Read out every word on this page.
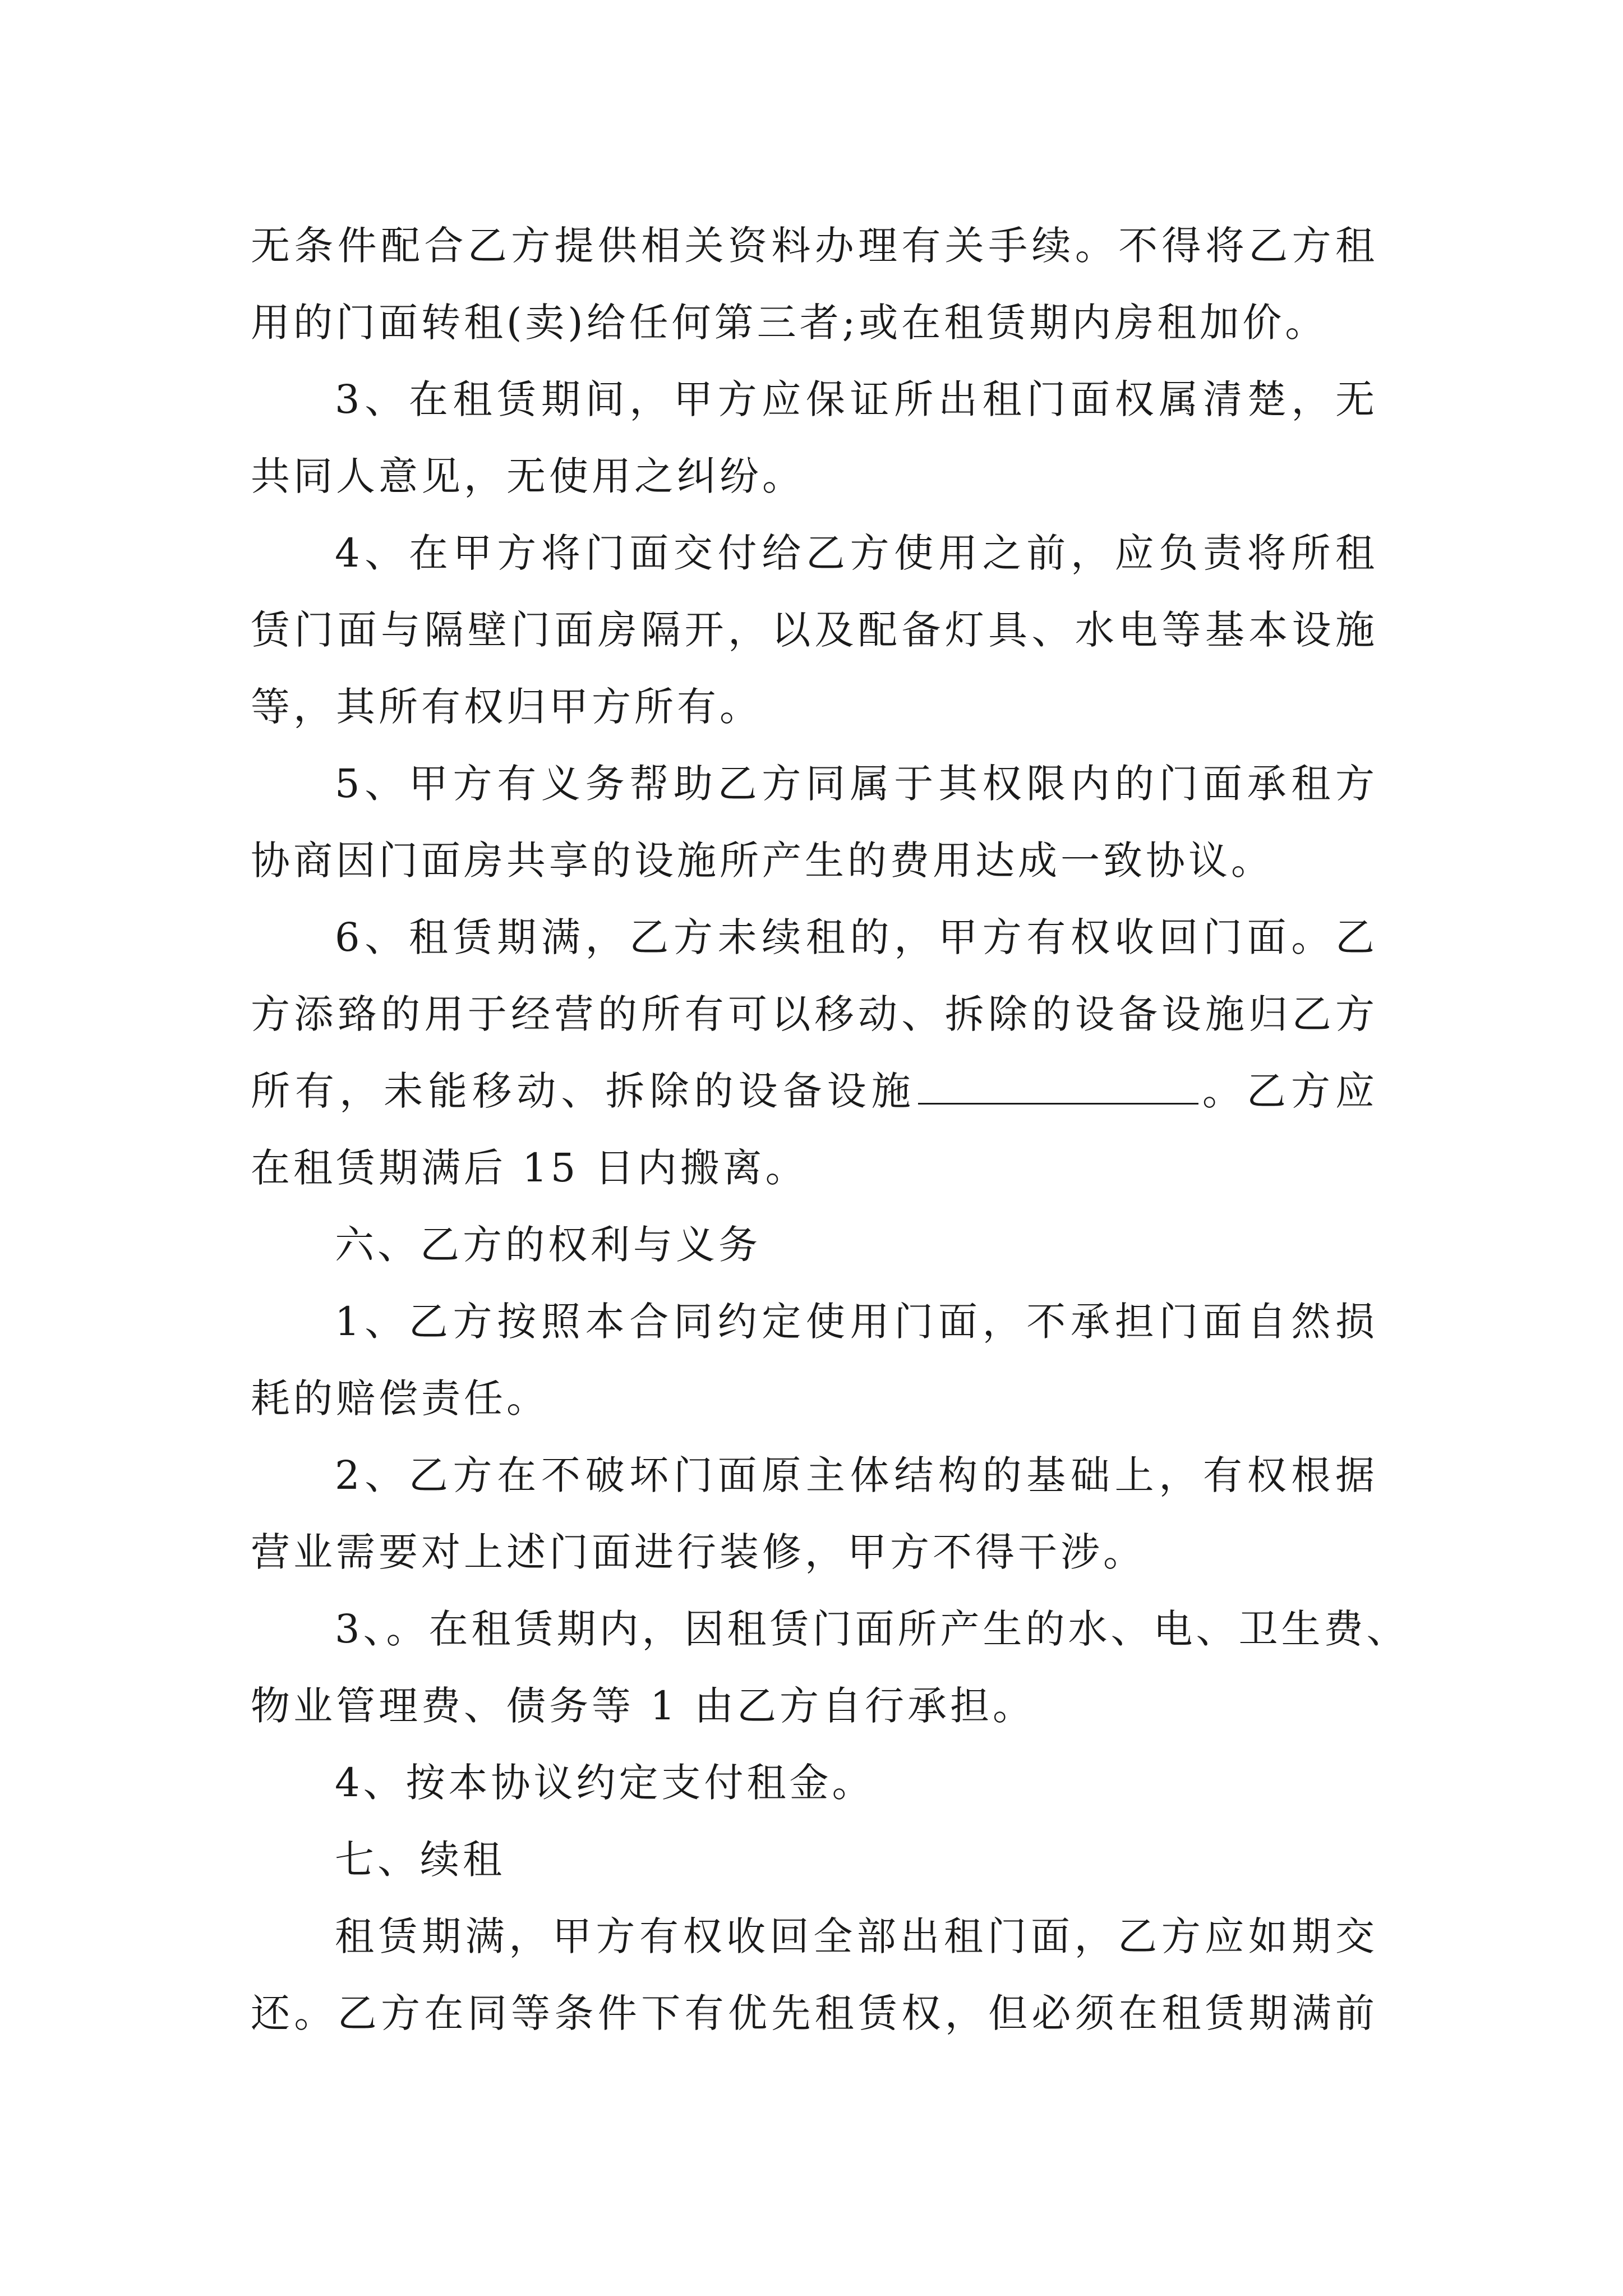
无条件配合乙方提供相关资料办理有关手续。不得将乙方租
用的门面转租(卖)给任何第三者;或在租赁期内房租加价。

3、在租赁期间，甲方应保证所出租门面权属清楚，无
共同人意见，无使用之纠纷。

4、在甲方将门面交付给乙方使用之前，应负责将所租
赁门面与隔壁门面房隔开，以及配备灯具、水电等基本设施
等，其所有权归甲方所有。

5、甲方有义务帮助乙方同属于其权限内的门面承租方
协商因门面房共享的设施所产生的费用达成一致协议。

6、租赁期满，乙方未续租的，甲方有权收回门面。乙
方添臵的用于经营的所有可以移动、拆除的设备设施归乙方
所有，未能移动、拆除的设备设施	。乙方应
在租赁期满后 15 日内搬离。

六、乙方的权利与义务

1、乙方按照本合同约定使用门面，不承担门面自然损
耗的赔偿责任。

2、乙方在不破坏门面原主体结构的基础上，有权根据
营业需要对上述门面进行装修，甲方不得干涉。

3、。在租赁期内，因租赁门面所产生的水、电、卫生费、
物业管理费、债务等 1 由乙方自行承担。

4、按本协议约定支付租金。

七、续租

租赁期满，甲方有权收回全部出租门面，乙方应如期交
还。乙方在同等条件下有优先租赁权，但必须在租赁期满前
